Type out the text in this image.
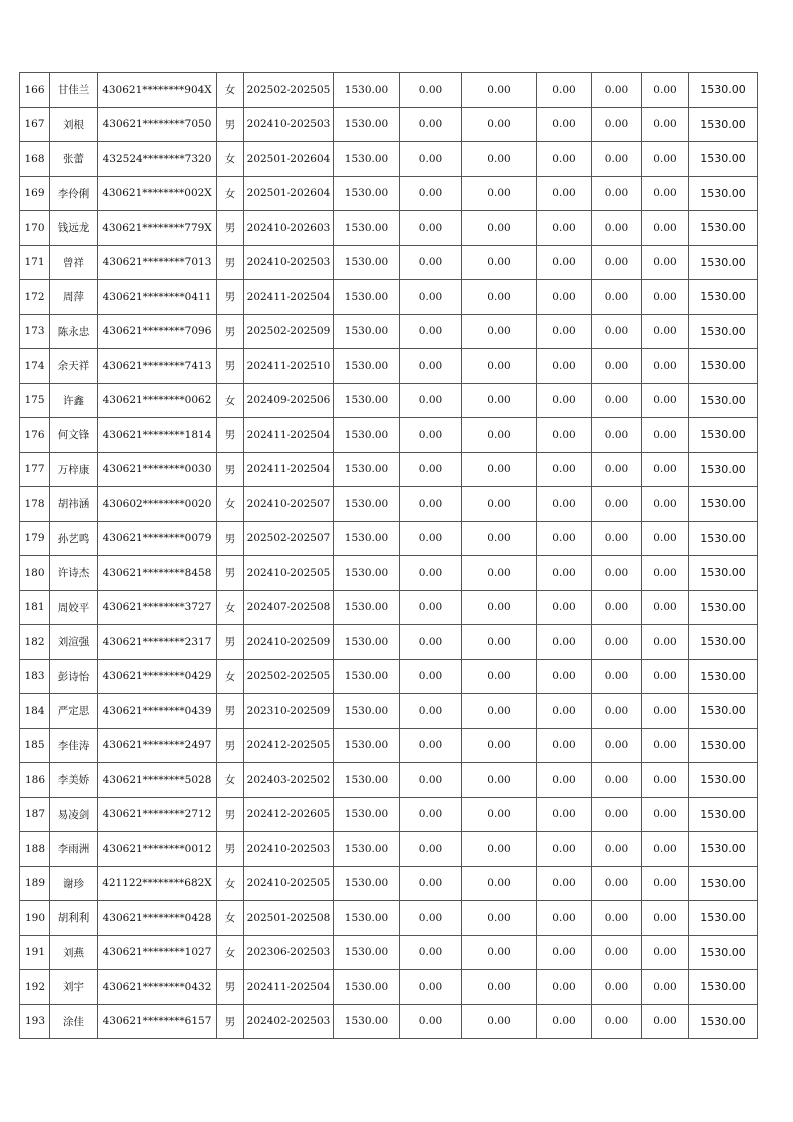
166	甘佳兰	430621********904X	女	202502-202505	1530.00	0.00	0.00	0.00	0.00	0.00	1530.00
167	刘根	430621********7050	男	202410-202503	1530.00	0.00	0.00	0.00	0.00	0.00	1530.00
168	张蕾	432524********7320	女	202501-202604	1530.00	0.00	0.00	0.00	0.00	0.00	1530.00
169	李伶俐	430621********002X	女	202501-202604	1530.00	0.00	0.00	0.00	0.00	0.00	1530.00
170	钱远龙	430621********779X	男	202410-202603	1530.00	0.00	0.00	0.00	0.00	0.00	1530.00
171	曾祥	430621********7013	男	202410-202503	1530.00	0.00	0.00	0.00	0.00	0.00	1530.00
172	周萍	430621********0411	男	202411-202504	1530.00	0.00	0.00	0.00	0.00	0.00	1530.00
173	陈永忠	430621********7096	男	202502-202509	1530.00	0.00	0.00	0.00	0.00	0.00	1530.00
174	余天祥	430621********7413	男	202411-202510	1530.00	0.00	0.00	0.00	0.00	0.00	1530.00
175	许鑫	430621********0062	女	202409-202506	1530.00	0.00	0.00	0.00	0.00	0.00	1530.00
176	何文锋	430621********1814	男	202411-202504	1530.00	0.00	0.00	0.00	0.00	0.00	1530.00
177	万梓康	430621********0030	男	202411-202504	1530.00	0.00	0.00	0.00	0.00	0.00	1530.00
178	胡祎涵	430602********0020	女	202410-202507	1530.00	0.00	0.00	0.00	0.00	0.00	1530.00
179	孙艺鸣	430621********0079	男	202502-202507	1530.00	0.00	0.00	0.00	0.00	0.00	1530.00
180	许诗杰	430621********8458	男	202410-202505	1530.00	0.00	0.00	0.00	0.00	0.00	1530.00
181	周姣平	430621********3727	女	202407-202508	1530.00	0.00	0.00	0.00	0.00	0.00	1530.00
182	刘渲强	430621********2317	男	202410-202509	1530.00	0.00	0.00	0.00	0.00	0.00	1530.00
183	彭诗怡	430621********0429	女	202502-202505	1530.00	0.00	0.00	0.00	0.00	0.00	1530.00
184	严定思	430621********0439	男	202310-202509	1530.00	0.00	0.00	0.00	0.00	0.00	1530.00
185	李佳涛	430621********2497	男	202412-202505	1530.00	0.00	0.00	0.00	0.00	0.00	1530.00
186	李美娇	430621********5028	女	202403-202502	1530.00	0.00	0.00	0.00	0.00	0.00	1530.00
187	易凌剑	430621********2712	男	202412-202605	1530.00	0.00	0.00	0.00	0.00	0.00	1530.00
188	李雨洲	430621********0012	男	202410-202503	1530.00	0.00	0.00	0.00	0.00	0.00	1530.00
189	谢珍	421122********682X	女	202410-202505	1530.00	0.00	0.00	0.00	0.00	0.00	1530.00
190	胡利利	430621********0428	女	202501-202508	1530.00	0.00	0.00	0.00	0.00	0.00	1530.00
191	刘燕	430621********1027	女	202306-202503	1530.00	0.00	0.00	0.00	0.00	0.00	1530.00
192	刘宇	430621********0432	男	202411-202504	1530.00	0.00	0.00	0.00	0.00	0.00	1530.00
193	涂佳	430621********6157	男	202402-202503	1530.00	0.00	0.00	0.00	0.00	0.00	1530.00
